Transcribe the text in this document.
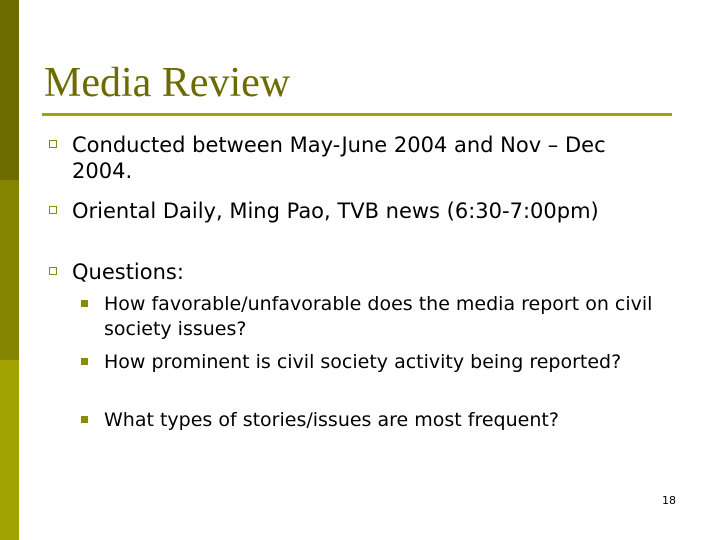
Media Review
Conducted between May-June 2004 and Nov – Dec 2004.
Oriental Daily, Ming Pao, TVB news (6:30-7:00pm)
Questions:
How favorable/unfavorable does the media report on civil society issues?
How prominent is civil society activity being reported?
What types of stories/issues are most frequent?
18
